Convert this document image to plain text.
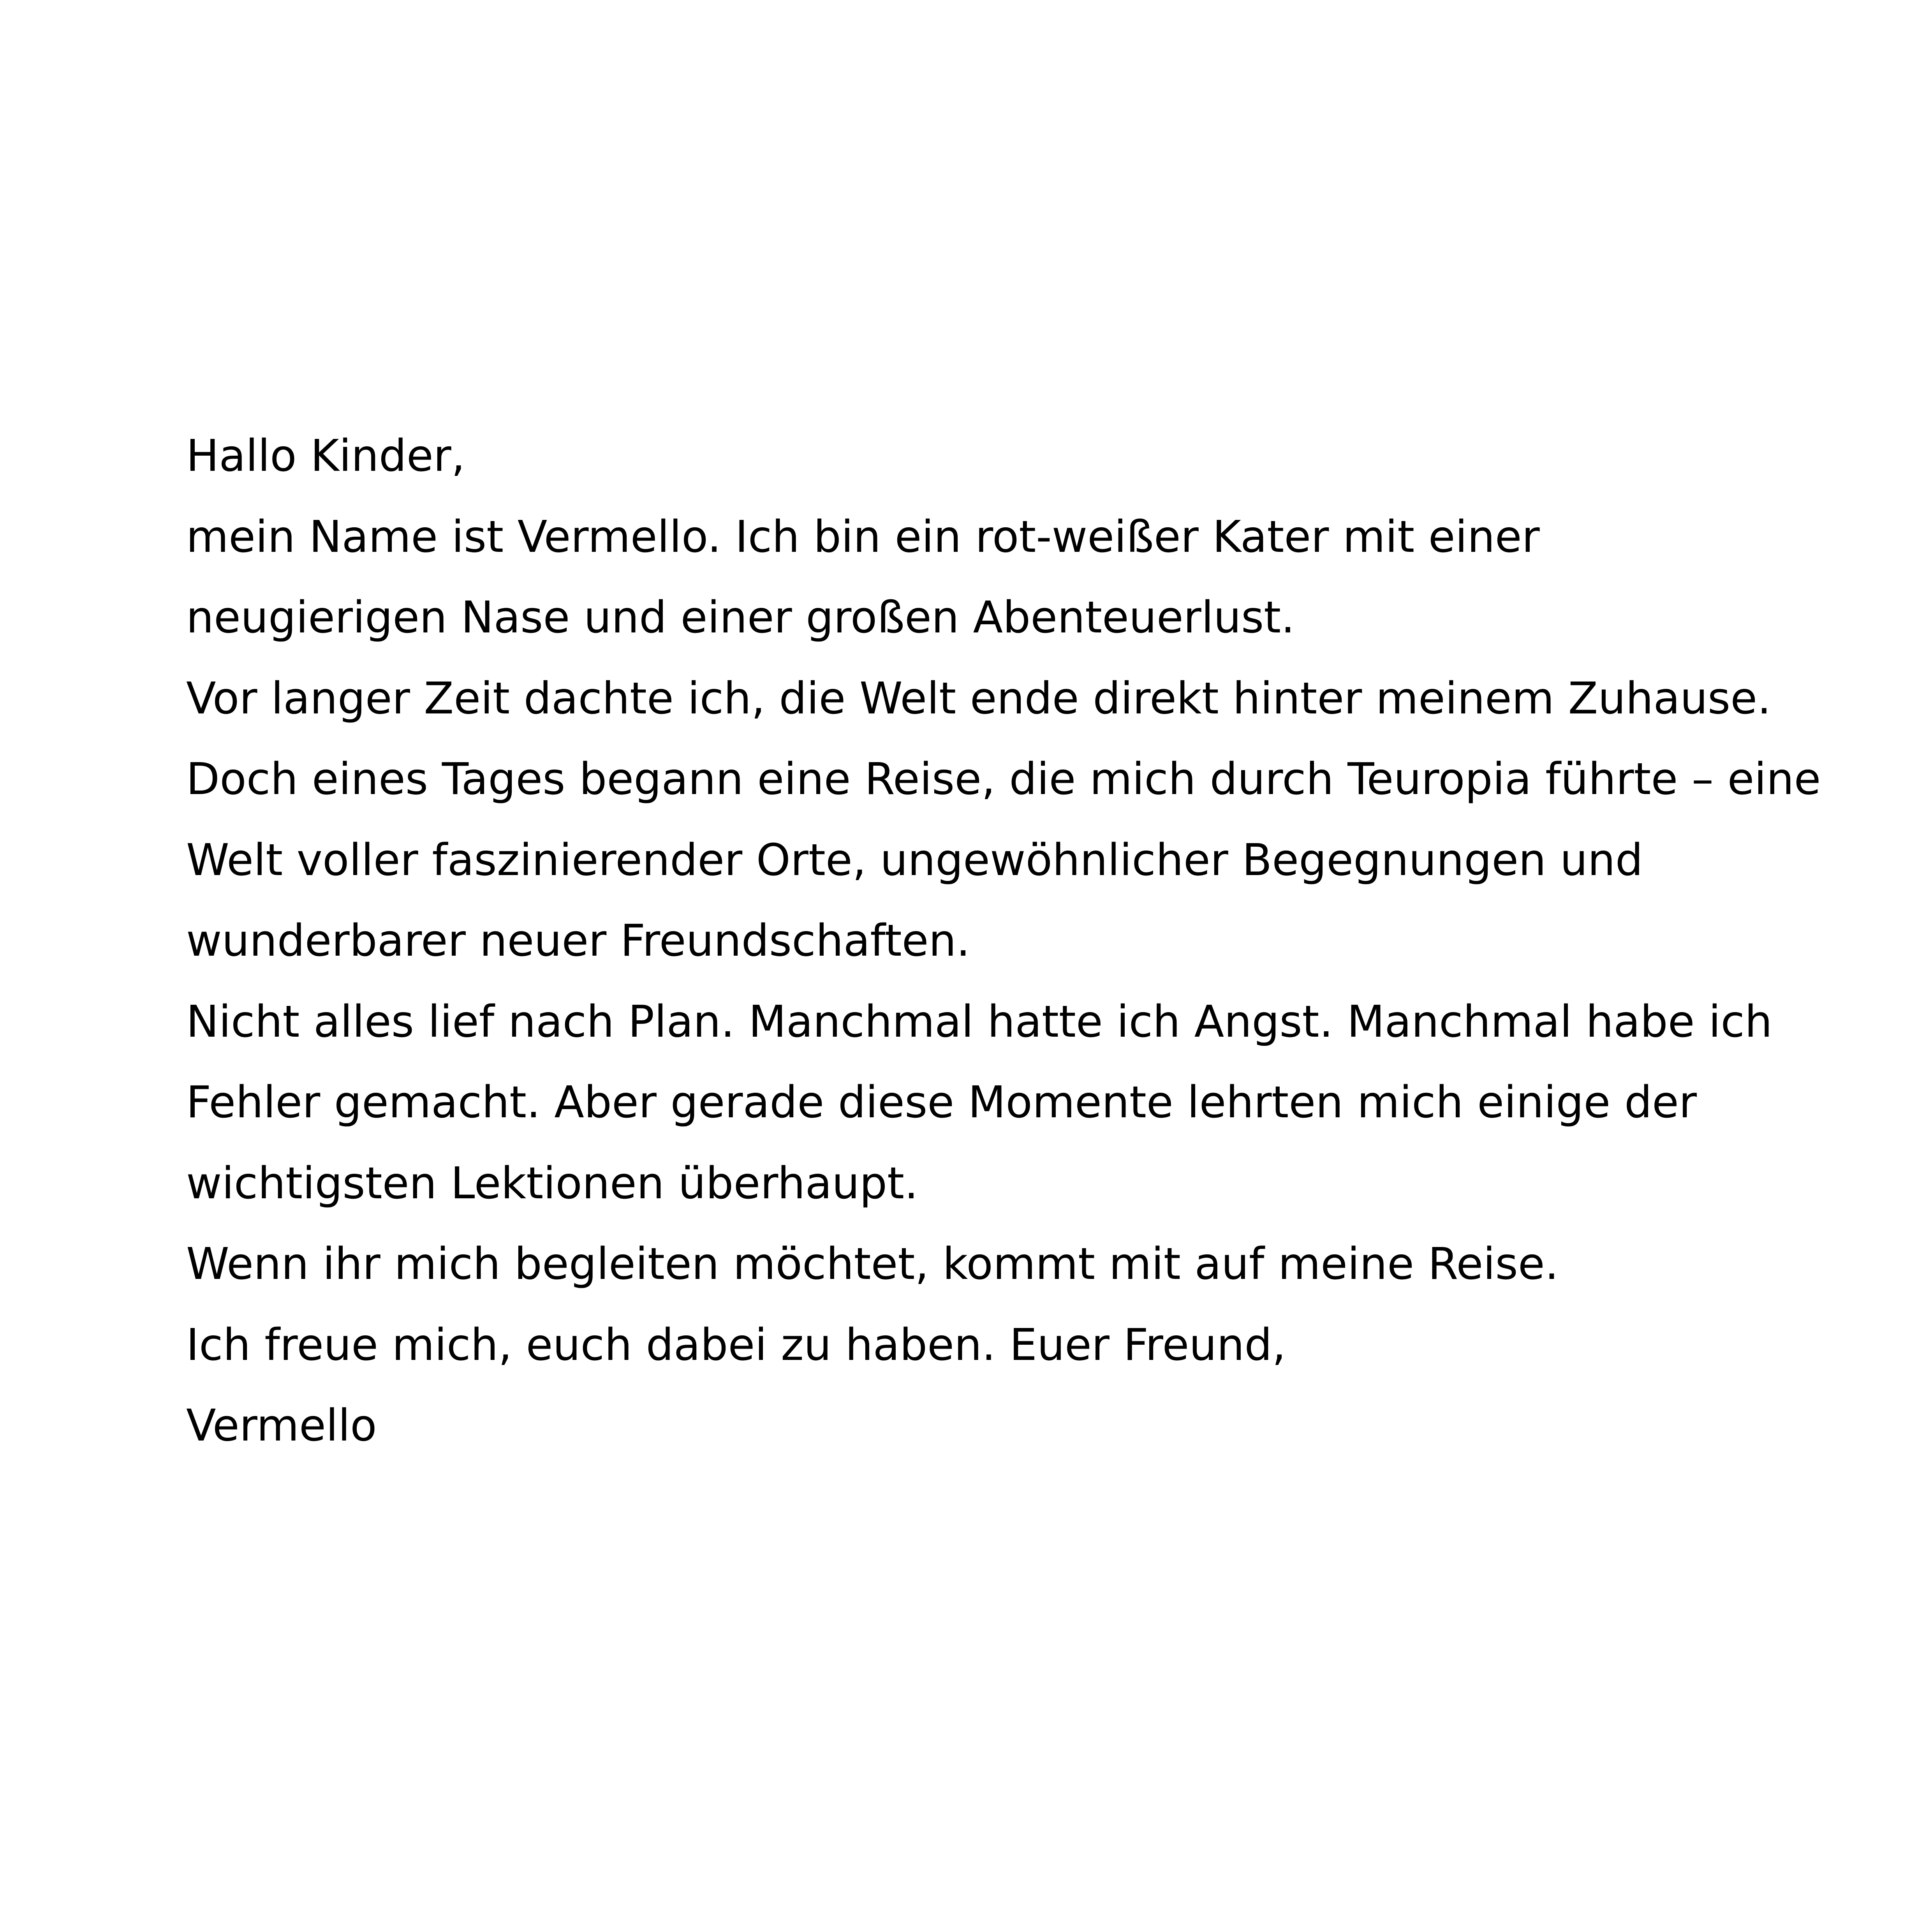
Hallo Kinder,
mein Name ist Vermello. Ich bin ein rot-weißer Kater mit einer
neugierigen Nase und einer großen Abenteuerlust.
Vor langer Zeit dachte ich, die Welt ende direkt hinter meinem Zuhause.
Doch eines Tages begann eine Reise, die mich durch Teuropia führte – eine
Welt voller faszinierender Orte, ungewöhnlicher Begegnungen und
wunderbarer neuer Freundschaften.
Nicht alles lief nach Plan. Manchmal hatte ich Angst. Manchmal habe ich
Fehler gemacht. Aber gerade diese Momente lehrten mich einige der
wichtigsten Lektionen überhaupt.
Wenn ihr mich begleiten möchtet, kommt mit auf meine Reise.
Ich freue mich, euch dabei zu haben. Euer Freund,
Vermello
